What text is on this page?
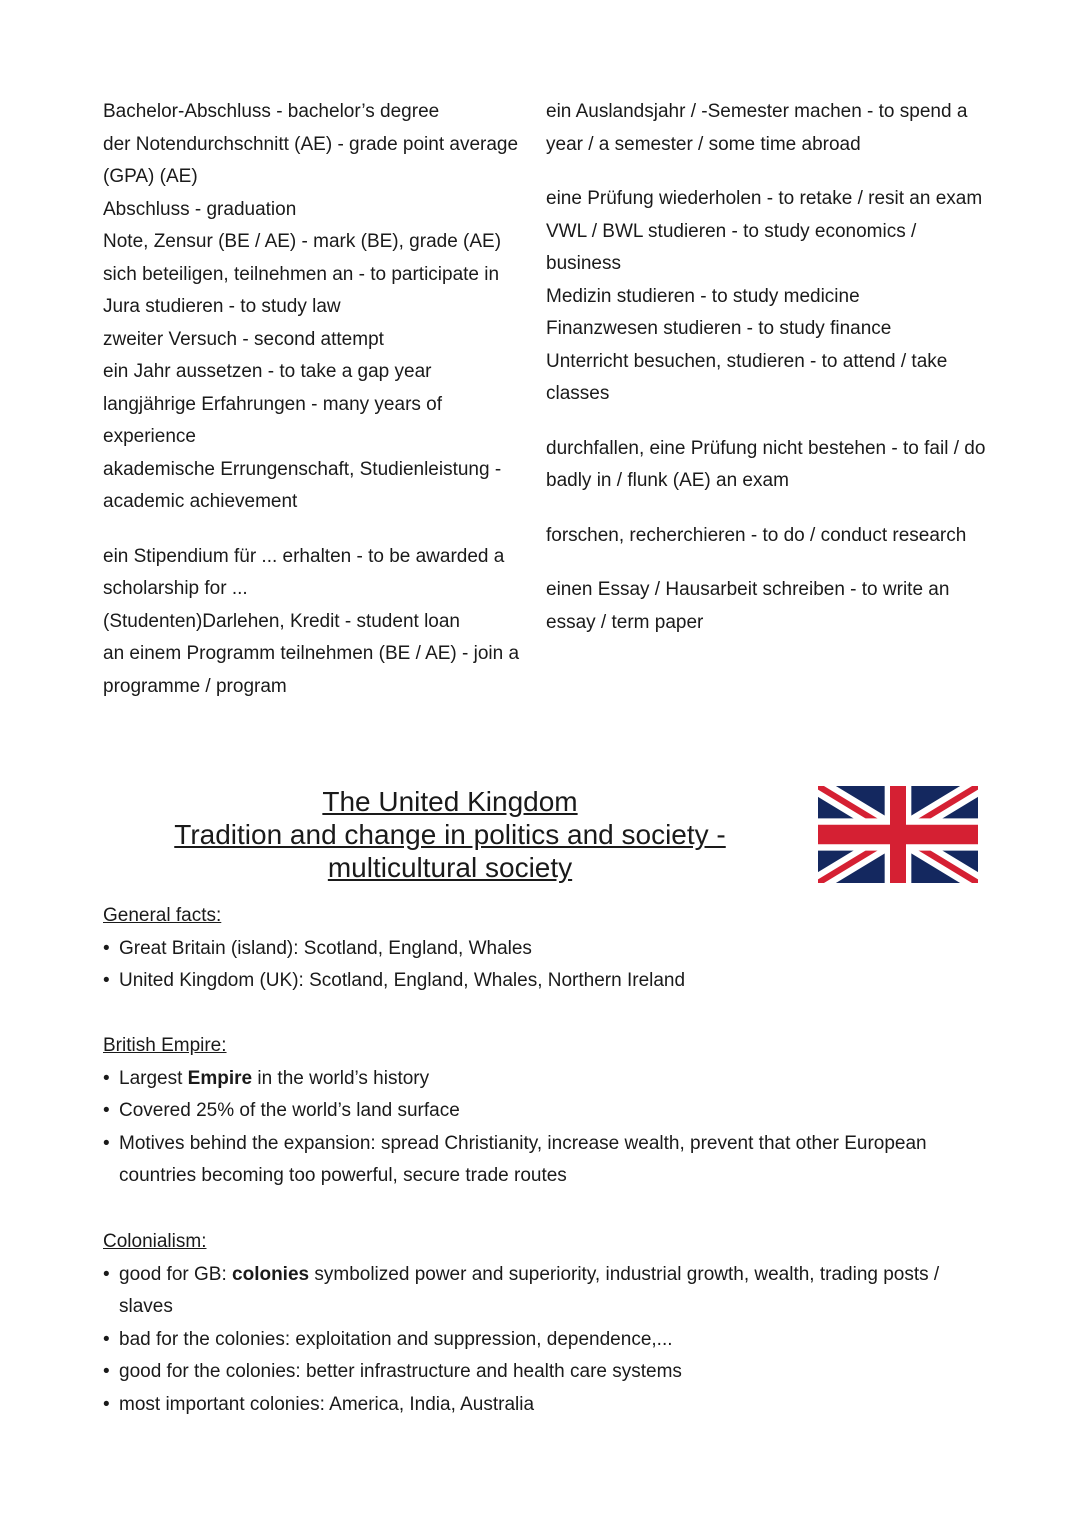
Bachelor-Abschluss - bachelor’s degree
der Notendurchschnitt (AE) - grade point average (GPA) (AE)
Abschluss - graduation
Note, Zensur (BE / AE) - mark (BE), grade (AE)
sich beteiligen, teilnehmen an - to participate in
Jura studieren - to study law
zweiter Versuch - second attempt
ein Jahr aussetzen - to take a gap year
langjährige Erfahrungen - many years of experience
akademische Errungenschaft, Studienleistung - academic achievement
ein Stipendium für ... erhalten - to be awarded a scholarship for ...
(Studenten)Darlehen, Kredit - student loan
an einem Programm teilnehmen (BE / AE) - join a programme / program
ein Auslandsjahr / -Semester machen - to spend a year / a semester / some time abroad
eine Prüfung wiederholen - to retake / resit an exam
VWL / BWL studieren - to study economics / business
Medizin studieren - to study medicine
Finanzwesen studieren - to study finance
Unterricht besuchen, studieren - to attend / take classes
durchfallen, eine Prüfung nicht bestehen - to fail / do badly in / flunk (AE) an exam
forschen, recherchieren - to do / conduct research
einen Essay / Hausarbeit schreiben - to write an essay / term paper
The United Kingdom
Tradition and change in politics and society -
multicultural society
General facts:
• Great Britain (island): Scotland, England, Whales
• United Kingdom (UK): Scotland, England, Whales, Northern Ireland
British Empire:
• Largest Empire in the world’s history
• Covered 25% of the world’s land surface
• Motives behind the expansion: spread Christianity, increase wealth, prevent that other European countries becoming too powerful, secure trade routes
Colonialism:
• good for GB: colonies symbolized power and superiority, industrial growth, wealth, trading posts / slaves
• bad for the colonies: exploitation and suppression, dependence,...
• good for the colonies: better infrastructure and health care systems
• most important colonies: America, India, Australia
